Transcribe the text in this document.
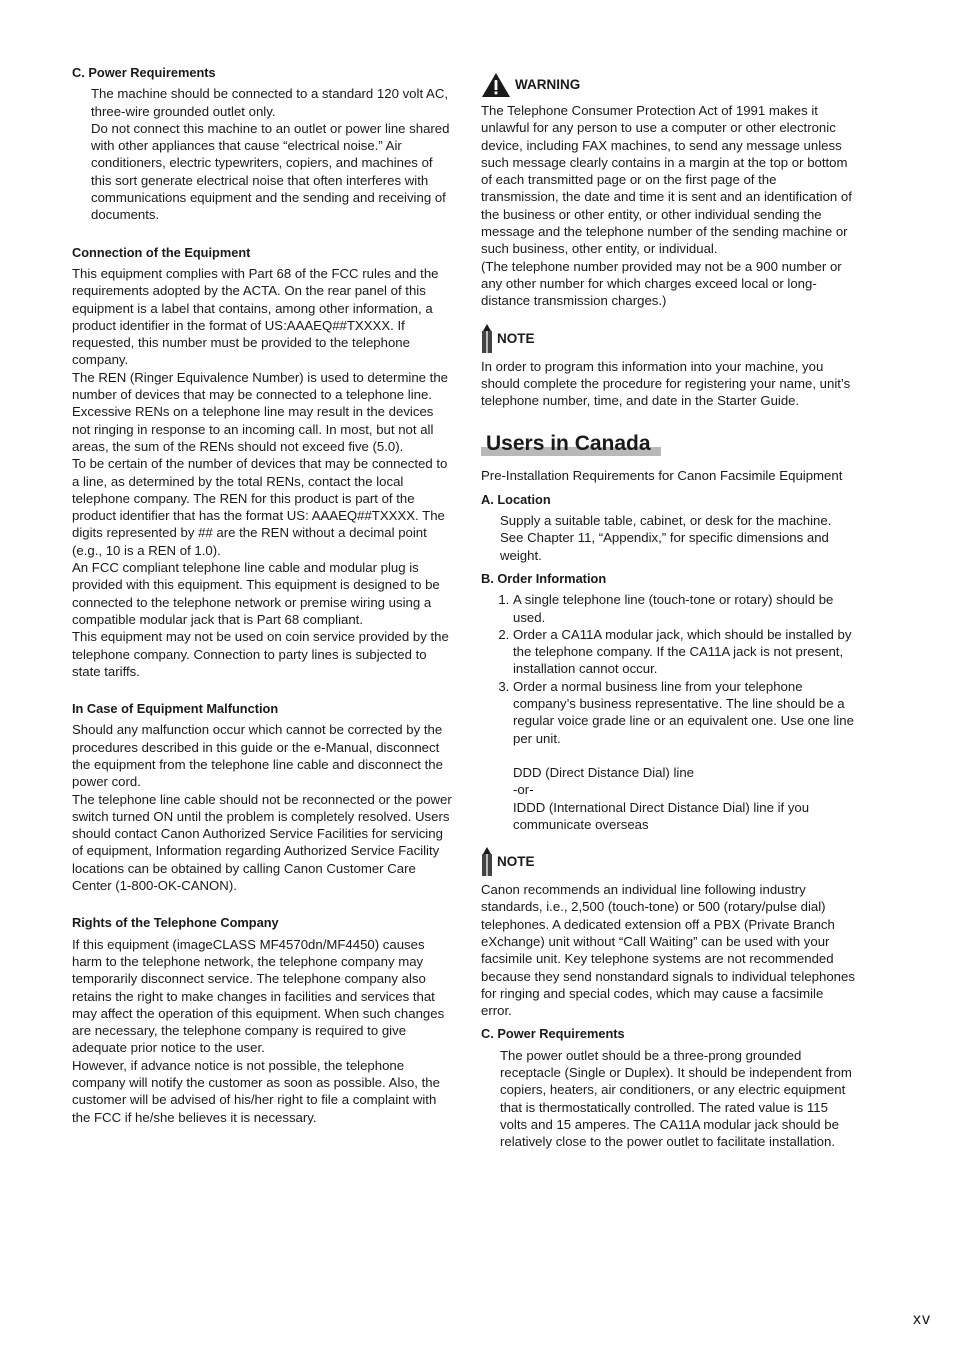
C. Power Requirements

The machine should be connected to a standard 120 volt AC, three-wire grounded outlet only.

Do not connect this machine to an outlet or power line shared with other appliances that cause “electrical noise.” Air conditioners, electric typewriters, copiers, and machines of this sort generate electrical noise that often interferes with communications equipment and the sending and receiving of documents.

Connection of the Equipment

This equipment complies with Part 68 of the FCC rules and the requirements adopted by the ACTA. On the rear panel of this equipment is a label that contains, among other information, a product identifier in the format of US:AAAEQ##TXXXX. If requested, this number must be provided to the telephone company.

The REN (Ringer Equivalence Number) is used to determine the number of devices that may be connected to a telephone line. Excessive RENs on a telephone line may result in the devices not ringing in response to an incoming call. In most, but not all areas, the sum of the RENs should not exceed five (5.0).

To be certain of the number of devices that may be connected to a line, as determined by the total RENs, contact the local telephone company. The REN for this product is part of the product identifier that has the format US: AAAEQ##TXXXX. The digits represented by ## are the REN without a decimal point (e.g., 10 is a REN of 1.0).

An FCC compliant telephone line cable and modular plug is provided with this equipment. This equipment is designed to be connected to the telephone network or premise wiring using a compatible modular jack that is Part 68 compliant.

This equipment may not be used on coin service provided by the telephone company. Connection to party lines is subjected to state tariffs.

In Case of Equipment Malfunction

Should any malfunction occur which cannot be corrected by the procedures described in this guide or the e-Manual, disconnect the equipment from the telephone line cable and disconnect the power cord.

The telephone line cable should not be reconnected or the power switch turned ON until the problem is completely resolved. Users should contact Canon Authorized Service Facilities for servicing of equipment, Information regarding Authorized Service Facility locations can be obtained by calling Canon Customer Care Center (1-800-OK-CANON).

Rights of the Telephone Company

If this equipment (imageCLASS MF4570dn/MF4450) causes harm to the telephone network, the telephone company may temporarily disconnect service. The telephone company also retains the right to make changes in facilities and services that may affect the operation of this equipment. When such changes are necessary, the telephone company is required to give adequate prior notice to the user.

However, if advance notice is not possible, the telephone company will notify the customer as soon as possible. Also, the customer will be advised of his/her right to file a complaint with the FCC if he/she believes it is necessary.

WARNING

The Telephone Consumer Protection Act of 1991 makes it unlawful for any person to use a computer or other electronic device, including FAX machines, to send any message unless such message clearly contains in a margin at the top or bottom of each transmitted page or on the first page of the transmission, the date and time it is sent and an identification of the business or other entity, or other individual sending the message and the telephone number of the sending machine or such business, other entity, or individual.

(The telephone number provided may not be a 900 number or any other number for which charges exceed local or long-distance transmission charges.)

NOTE

In order to program this information into your machine, you should complete the procedure for registering your name, unit’s telephone number, time, and date in the Starter Guide.

Users in Canada

Pre-Installation Requirements for Canon Facsimile Equipment

A. Location

Supply a suitable table, cabinet, or desk for the machine. See Chapter 11, “Appendix,” for specific dimensions and weight.

B. Order Information

1. A single telephone line (touch-tone or rotary) should be used.
2. Order a CA11A modular jack, which should be installed by the telephone company. If the CA11A jack is not present, installation cannot occur.
3. Order a normal business line from your telephone company’s business representative. The line should be a regular voice grade line or an equivalent one. Use one line per unit.

DDD (Direct Distance Dial) line

-or-

IDDD (International Direct Distance Dial) line if you communicate overseas

NOTE

Canon recommends an individual line following industry standards, i.e., 2,500 (touch-tone) or 500 (rotary/pulse dial) telephones. A dedicated extension off a PBX (Private Branch eXchange) unit without “Call Waiting” can be used with your facsimile unit. Key telephone systems are not recommended because they send nonstandard signals to individual telephones for ringing and special codes, which may cause a facsimile error.

C. Power Requirements

The power outlet should be a three-prong grounded receptacle (Single or Duplex). It should be independent from copiers, heaters, air conditioners, or any electric equipment that is thermostatically controlled. The rated value is 115 volts and 15 amperes. The CA11A modular jack should be relatively close to the power outlet to facilitate installation.

xv
